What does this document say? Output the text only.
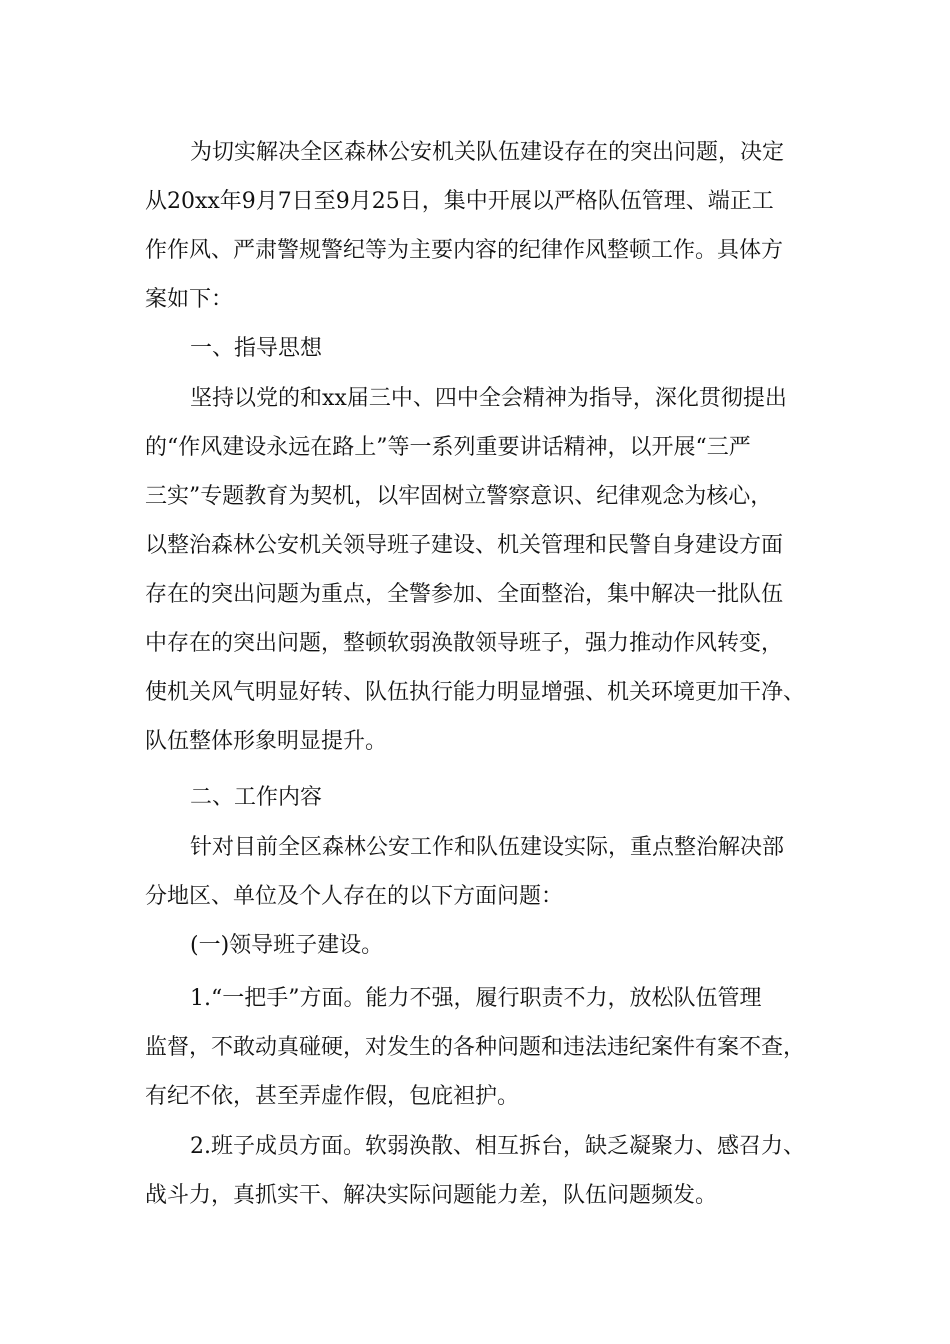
为切实解决全区森林公安机关队伍建设存在的突出问题，决定
从20xx年9月7日至9月25日，集中开展以严格队伍管理、端正工
作作风、严肃警规警纪等为主要内容的纪律作风整顿工作。具体方
案如下：
一、指导思想
坚持以党的和xx届三中、四中全会精神为指导，深化贯彻提出
的“作风建设永远在路上”等一系列重要讲话精神，以开展“三严
三实”专题教育为契机，以牢固树立警察意识、纪律观念为核心，
以整治森林公安机关领导班子建设、机关管理和民警自身建设方面
存在的突出问题为重点，全警参加、全面整治，集中解决一批队伍
中存在的突出问题，整顿软弱涣散领导班子，强力推动作风转变，
使机关风气明显好转、队伍执行能力明显增强、机关环境更加干净、
队伍整体形象明显提升。
二、工作内容
针对目前全区森林公安工作和队伍建设实际，重点整治解决部
分地区、单位及个人存在的以下方面问题：
(一)领导班子建设。
1.“一把手”方面。能力不强，履行职责不力，放松队伍管理
监督，不敢动真碰硬，对发生的各种问题和违法违纪案件有案不查，
有纪不依，甚至弄虚作假，包庇袒护。
2.班子成员方面。软弱涣散、相互拆台，缺乏凝聚力、感召力、
战斗力，真抓实干、解决实际问题能力差，队伍问题频发。
